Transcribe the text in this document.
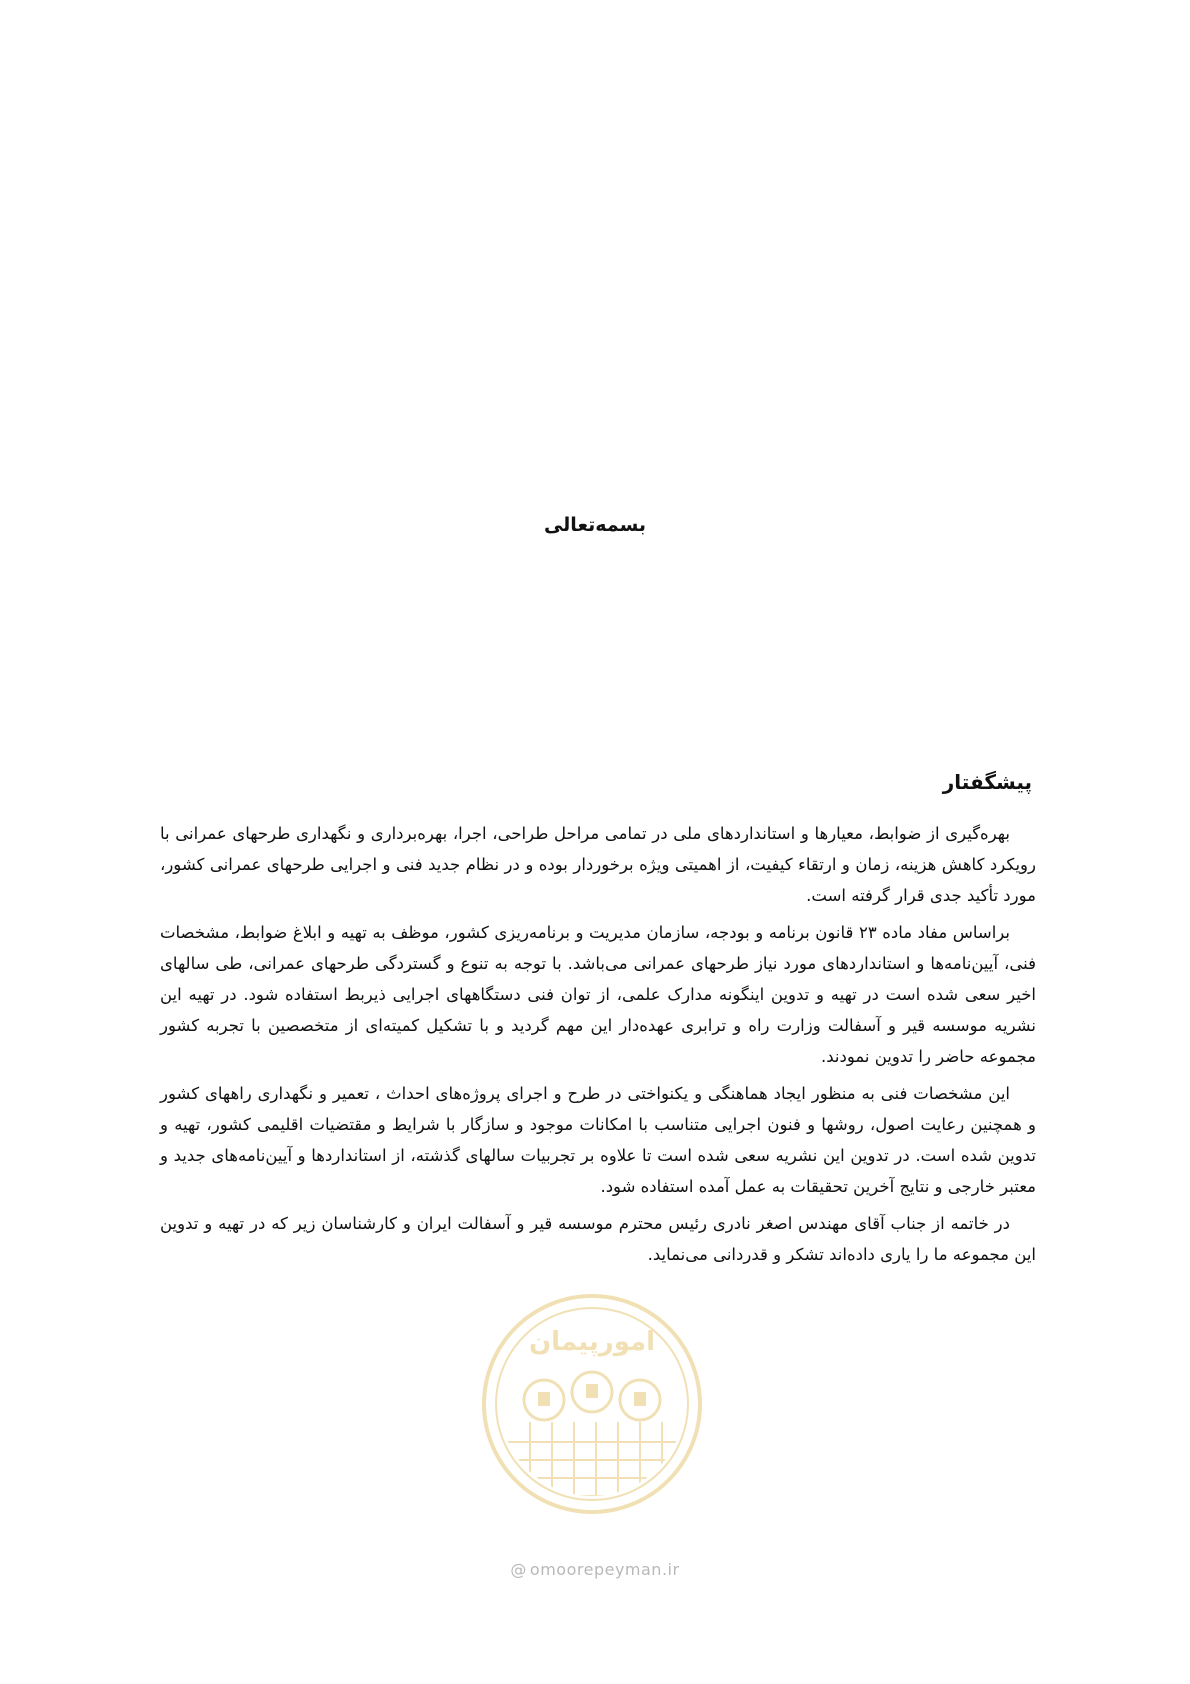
بسمه‌تعالی
پیشگفتار

بهره‌گیری از ضوابط، معیارها و استانداردهای ملی در تمامی مراحل طراحی، اجرا، بهره‌برداری و نگهداری طرحهای عمرانی با رویکرد کاهش هزینه، زمان و ارتقاء کیفیت، از اهمیتی ویژه برخوردار بوده و در نظام جدید فنی و اجرایی طرحهای عمرانی کشور، مورد تأکید جدی قرار گرفته است.

براساس مفاد ماده ۲۳ قانون برنامه و بودجه، سازمان مدیریت و برنامه‌ریزی کشور، موظف به تهیه و ابلاغ ضوابط، مشخصات فنی، آیین‌نامه‌ها و استانداردهای مورد نیاز طرحهای عمرانی می‌باشد. با توجه به تنوع و گستردگی طرحهای عمرانی، طی سالهای اخیر سعی شده است در تهیه و تدوین اینگونه مدارک علمی، از توان فنی دستگاههای اجرایی ذیربط استفاده شود. در تهیه این نشریه موسسه قیر و آسفالت وزارت راه و ترابری عهده‌دار این مهم گردید و با تشکیل کمیته‌ای از متخصصین با تجربه کشور مجموعه حاضر را تدوین نمودند.

این مشخصات فنی به منظور ایجاد هماهنگی و یکنواختی در طرح و اجرای پروژه‌های احداث ، تعمیر و نگهداری راههای کشور و همچنین رعایت اصول، روشها و فنون اجرایی متناسب با امکانات موجود و سازگار با شرایط و مقتضیات اقلیمی کشور، تهیه و تدوین شده است. در تدوین این نشریه سعی شده است تا علاوه بر تجربیات سالهای گذشته، از استانداردها و آیین‌نامه‌های جدید و معتبر خارجی و نتایج آخرین تحقیقات به عمل آمده استفاده شود.

در خاتمه از جناب آقای مهندس اصغر نادری رئیس محترم موسسه قیر و آسفالت ایران و کارشناسان زیر که در تهیه و تدوین این مجموعه ما را یاری داده‌اند تشکر و قدردانی می‌نماید.

امورپیمان
@ omoorepeyman.ir
